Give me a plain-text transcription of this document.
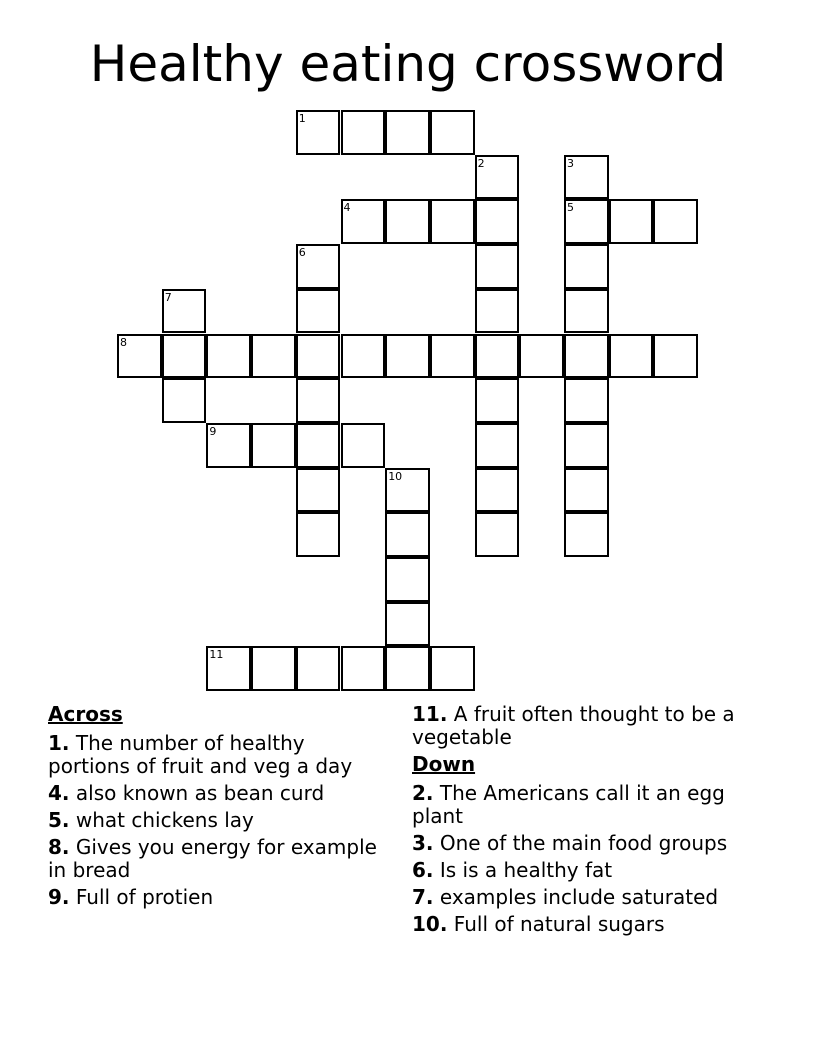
Healthy eating crossword
1
2	3
4	5
6
7
8
9
10
11
Across
1. The number of healthy portions of fruit and veg a day
4. also known as bean curd
5. what chickens lay
8. Gives you energy for example in bread
9. Full of protien
11. A fruit often thought to be a vegetable
Down
2. The Americans call it an egg plant
3. One of the main food groups
6. Is is a healthy fat
7. examples include saturated
10. Full of natural sugars
